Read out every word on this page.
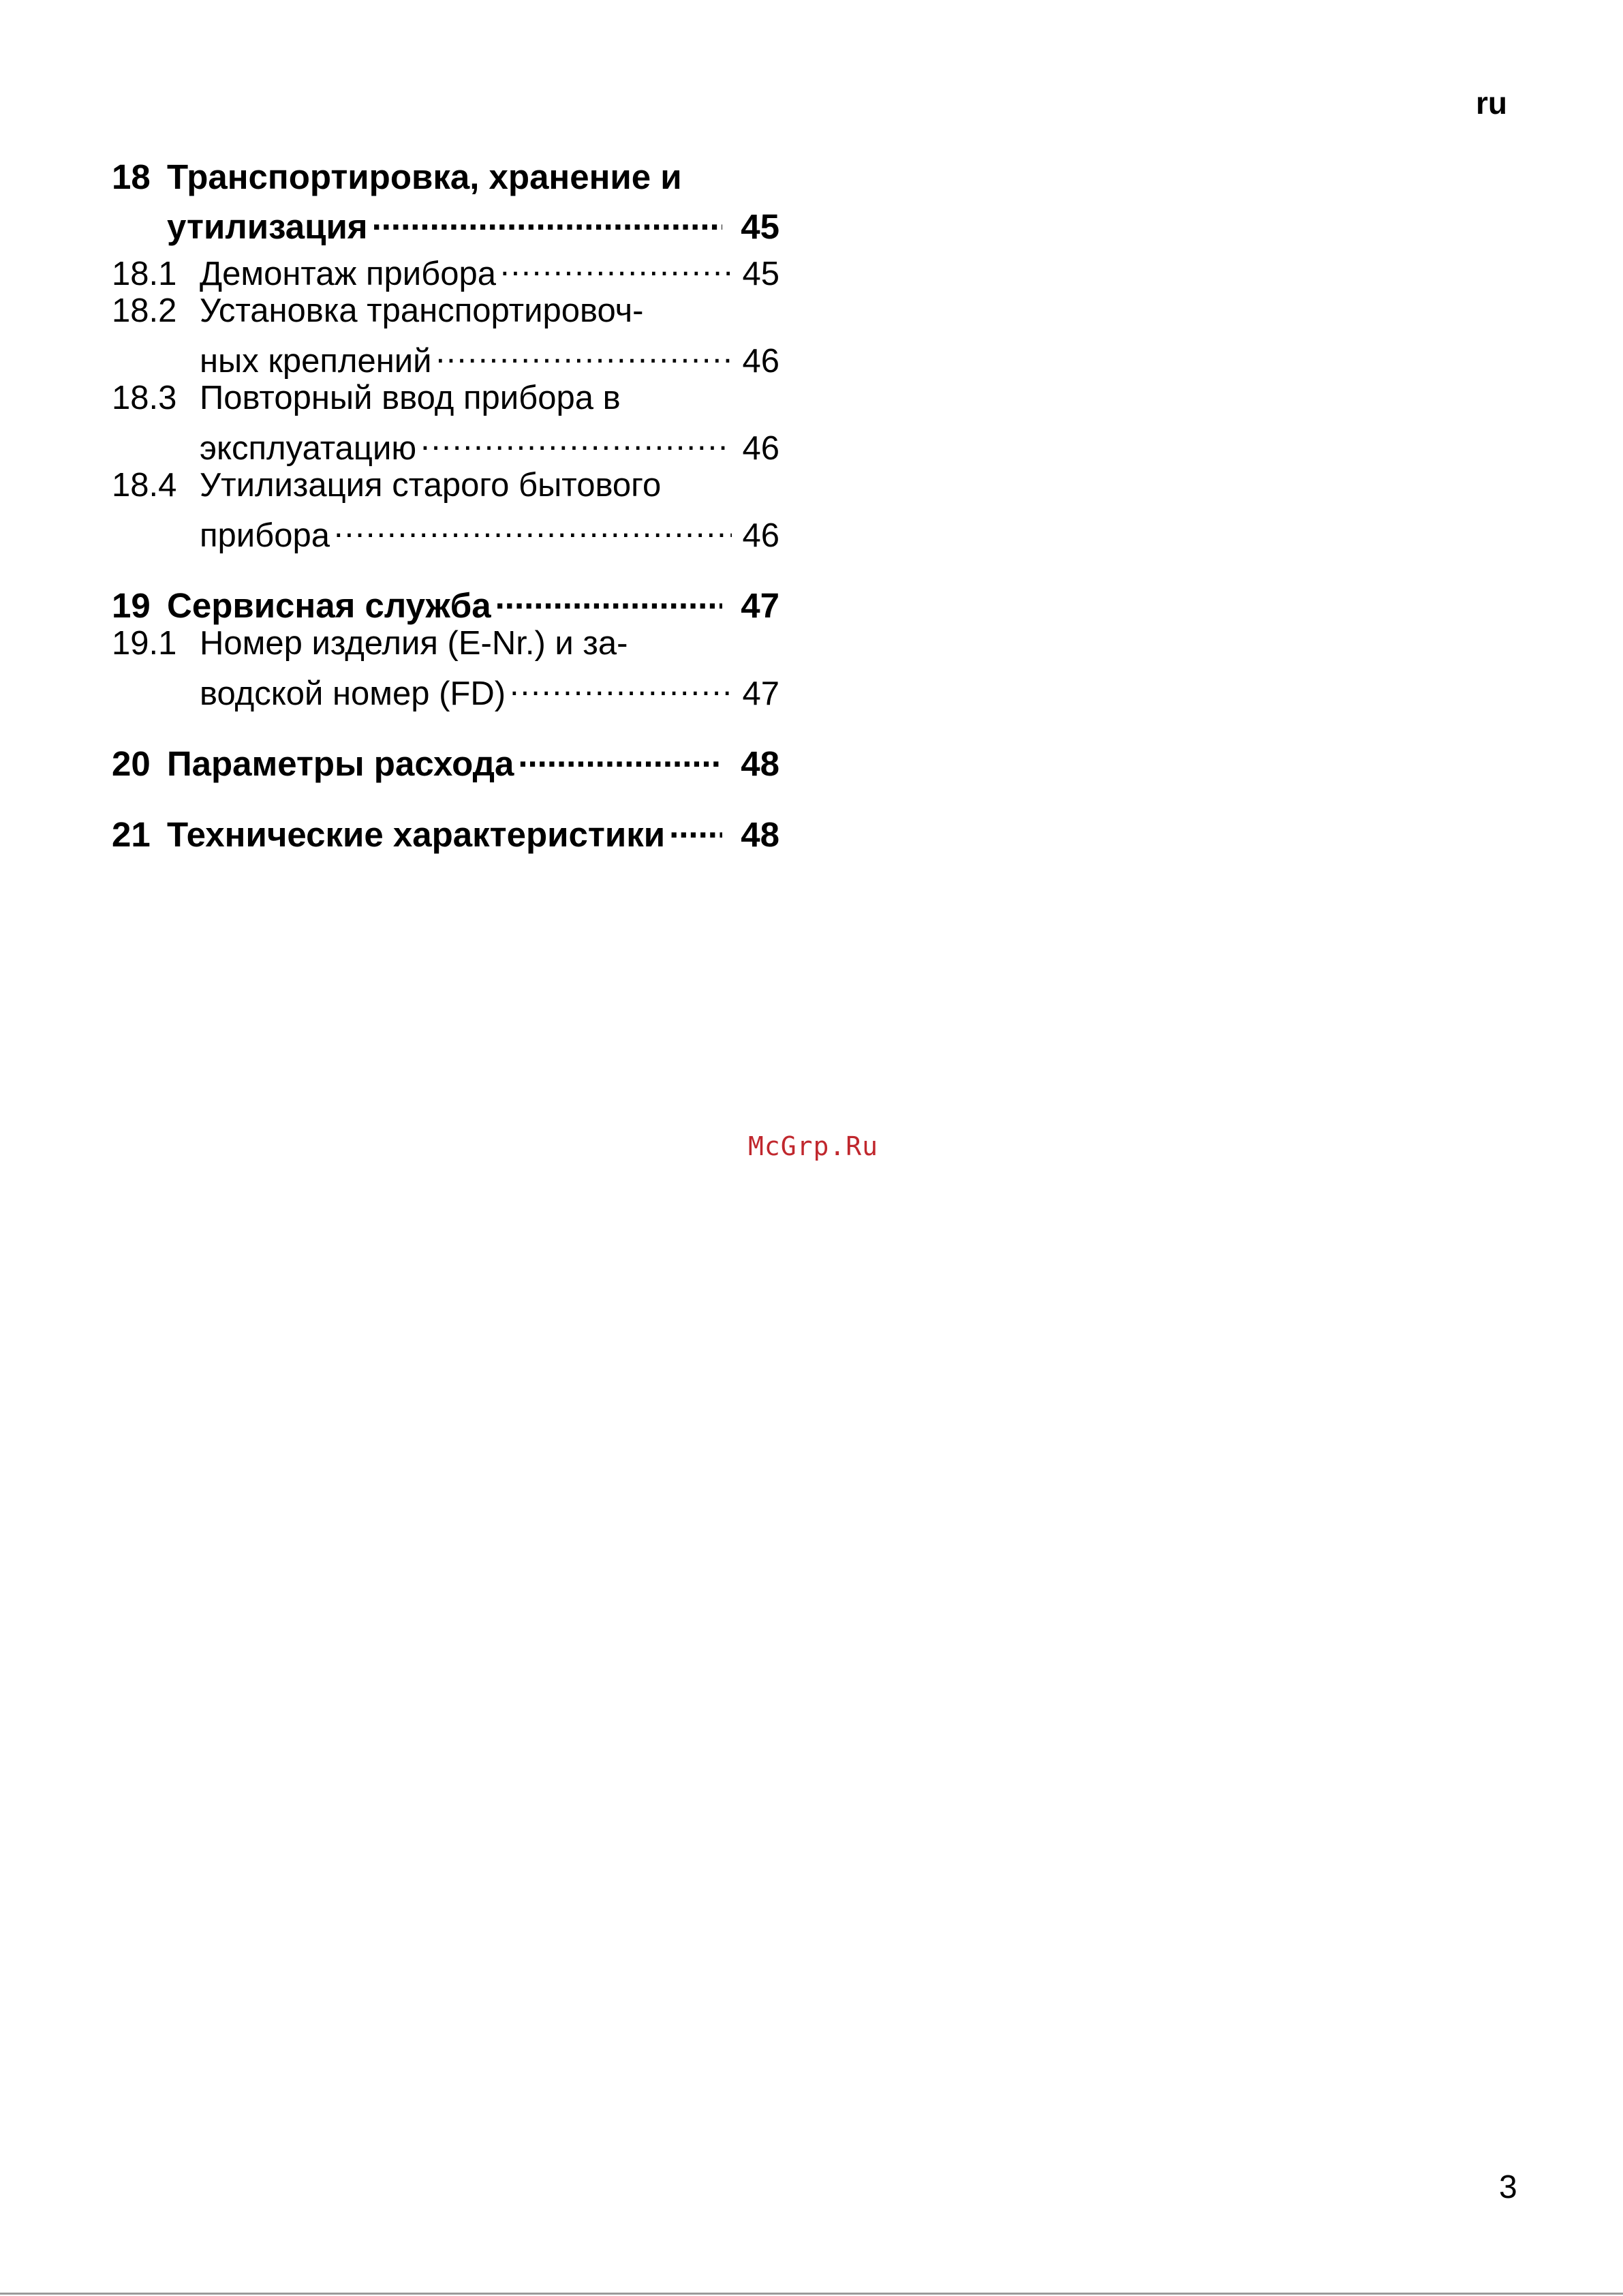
ru
18 Транспортировка, хранение и
утилизация .....	45
18.1 Демонтаж прибора .....	45
18.2 Установка транспортировоч-
ных креплений .....	46
18.3 Повторный ввод прибора в
эксплуатацию .....	46
18.4 Утилизация старого бытового
прибора .....	46
19 Сервисная служба .....	47
19.1 Номер изделия (E-Nr.) и за-
водской номер (FD) .....	47
20 Параметры расхода .....	48
21 Технические характеристики ..... 48
McGrp.Ru
3
